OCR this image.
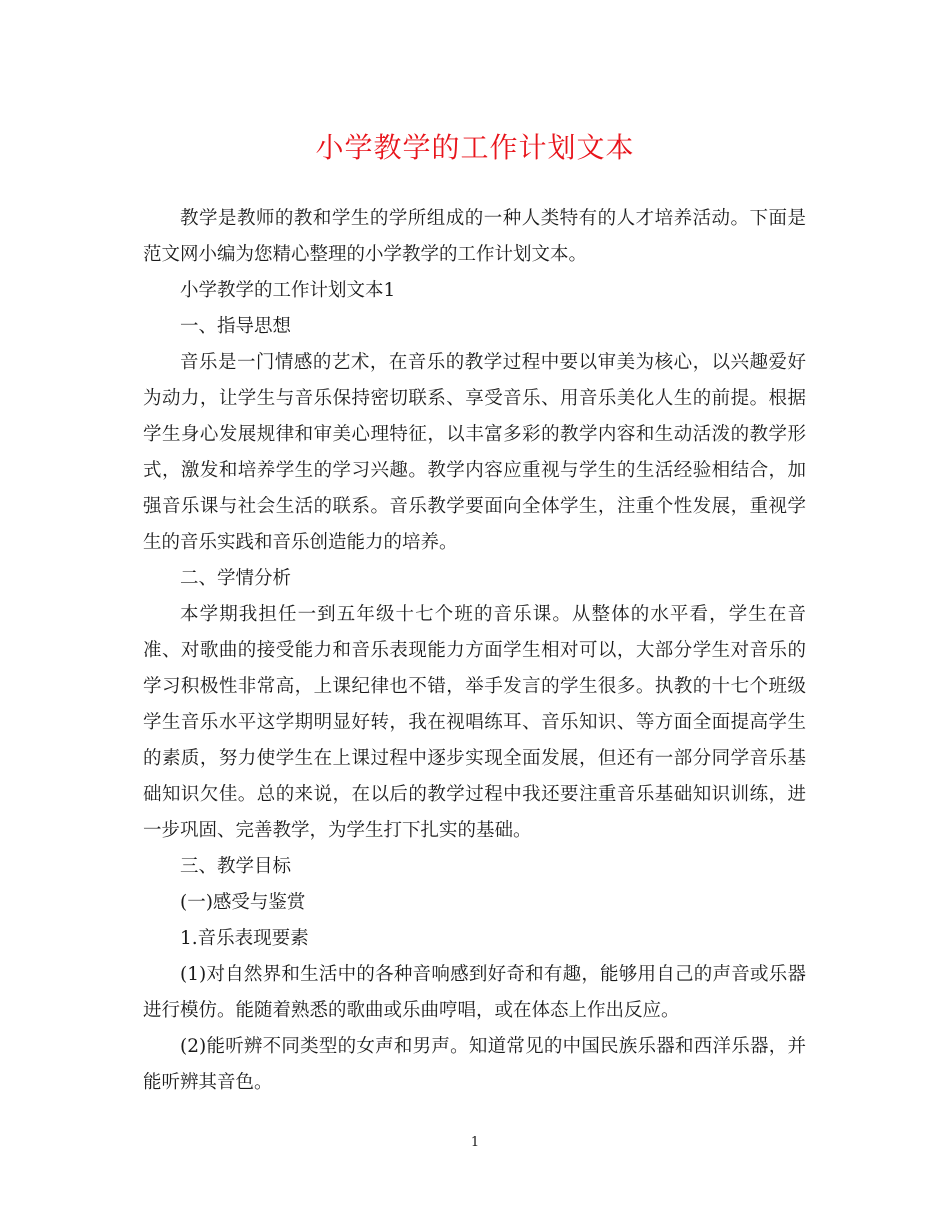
小学教学的工作计划文本

教学是教师的教和学生的学所组成的一种人类特有的人才培养活动。下面是范文网小编为您精心整理的小学教学的工作计划文本。

小学教学的工作计划文本1

一、指导思想

音乐是一门情感的艺术，在音乐的教学过程中要以审美为核心，以兴趣爱好为动力，让学生与音乐保持密切联系、享受音乐、用音乐美化人生的前提。根据学生身心发展规律和审美心理特征，以丰富多彩的教学内容和生动活泼的教学形式，激发和培养学生的学习兴趣。教学内容应重视与学生的生活经验相结合，加强音乐课与社会生活的联系。音乐教学要面向全体学生，注重个性发展，重视学生的音乐实践和音乐创造能力的培养。

二、学情分析

本学期我担任一到五年级十七个班的音乐课。从整体的水平看，学生在音准、对歌曲的接受能力和音乐表现能力方面学生相对可以，大部分学生对音乐的学习积极性非常高，上课纪律也不错，举手发言的学生很多。执教的十七个班级学生音乐水平这学期明显好转，我在视唱练耳、音乐知识、等方面全面提高学生的素质，努力使学生在上课过程中逐步实现全面发展，但还有一部分同学音乐基础知识欠佳。总的来说，在以后的教学过程中我还要注重音乐基础知识训练，进一步巩固、完善教学，为学生打下扎实的基础。

三、教学目标

(一)感受与鉴赏

1.音乐表现要素

(1)对自然界和生活中的各种音响感到好奇和有趣，能够用自己的声音或乐器进行模仿。能随着熟悉的歌曲或乐曲哼唱，或在体态上作出反应。

(2)能听辨不同类型的女声和男声。知道常见的中国民族乐器和西洋乐器，并能听辨其音色。

1
